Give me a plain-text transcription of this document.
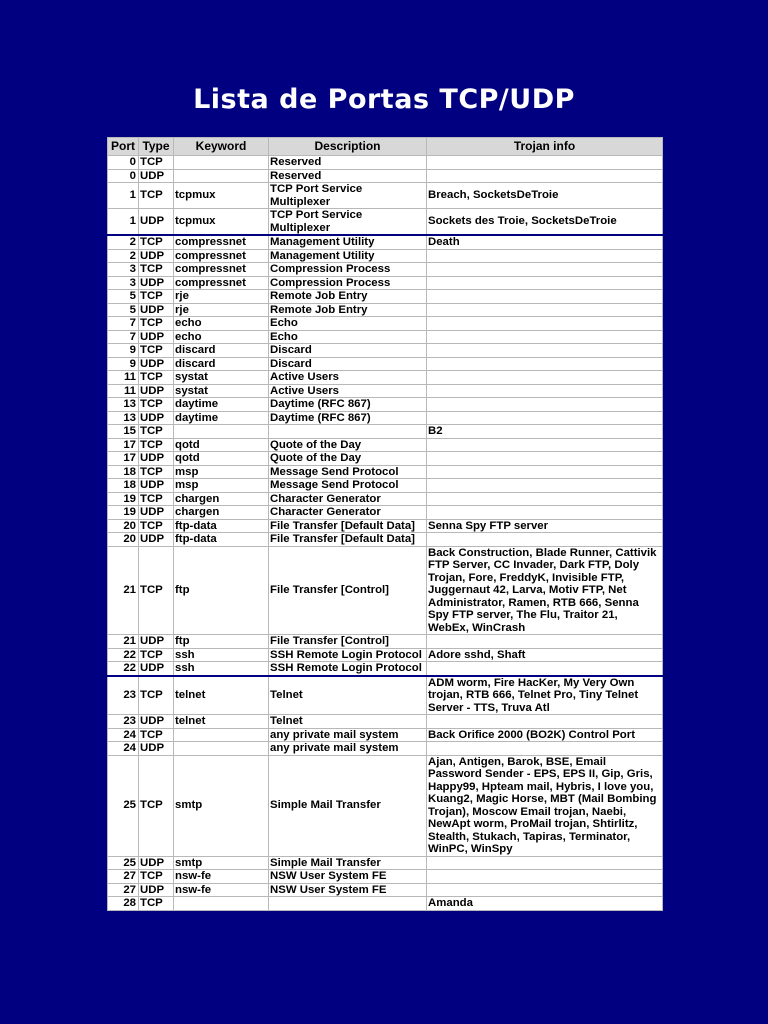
Lista de Portas TCP/UDP
Port	Type	Keyword	Description	Trojan info
0	TCP		Reserved	
0	UDP		Reserved	
1	TCP	tcpmux	TCP Port Service Multiplexer	Breach, SocketsDeTroie
1	UDP	tcpmux	TCP Port Service Multiplexer	Sockets des Troie, SocketsDeTroie
2	TCP	compressnet	Management Utility	Death
2	UDP	compressnet	Management Utility	
3	TCP	compressnet	Compression Process	
3	UDP	compressnet	Compression Process	
5	TCP	rje	Remote Job Entry	
5	UDP	rje	Remote Job Entry	
7	TCP	echo	Echo	
7	UDP	echo	Echo	
9	TCP	discard	Discard	
9	UDP	discard	Discard	
11	TCP	systat	Active Users	
11	UDP	systat	Active Users	
13	TCP	daytime	Daytime (RFC 867)	
13	UDP	daytime	Daytime (RFC 867)	
15	TCP			B2
17	TCP	qotd	Quote of the Day	
17	UDP	qotd	Quote of the Day	
18	TCP	msp	Message Send Protocol	
18	UDP	msp	Message Send Protocol	
19	TCP	chargen	Character Generator	
19	UDP	chargen	Character Generator	
20	TCP	ftp-data	File Transfer [Default Data]	Senna Spy FTP server
20	UDP	ftp-data	File Transfer [Default Data]	
21	TCP	ftp	File Transfer [Control]	Back Construction, Blade Runner, Cattivik FTP Server, CC Invader, Dark FTP, Doly Trojan, Fore, FreddyK, Invisible FTP, Juggernaut 42, Larva, Motiv FTP, Net Administrator, Ramen, RTB 666, Senna Spy FTP server, The Flu, Traitor 21, WebEx, WinCrash
21	UDP	ftp	File Transfer [Control]	
22	TCP	ssh	SSH Remote Login Protocol	Adore sshd, Shaft
22	UDP	ssh	SSH Remote Login Protocol	
23	TCP	telnet	Telnet	ADM worm, Fire HacKer, My Very Own trojan, RTB 666, Telnet Pro, Tiny Telnet Server - TTS, Truva Atl
23	UDP	telnet	Telnet	
24	TCP		any private mail system	Back Orifice 2000 (BO2K) Control Port
24	UDP		any private mail system	
25	TCP	smtp	Simple Mail Transfer	Ajan, Antigen, Barok, BSE, Email Password Sender - EPS, EPS II, Gip, Gris, Happy99, Hpteam mail, Hybris, I love you, Kuang2, Magic Horse, MBT (Mail Bombing Trojan), Moscow Email trojan, Naebi, NewApt worm, ProMail trojan, Shtirlitz, Stealth, Stukach, Tapiras, Terminator, WinPC, WinSpy
25	UDP	smtp	Simple Mail Transfer	
27	TCP	nsw-fe	NSW User System FE	
27	UDP	nsw-fe	NSW User System FE	
28	TCP			Amanda
